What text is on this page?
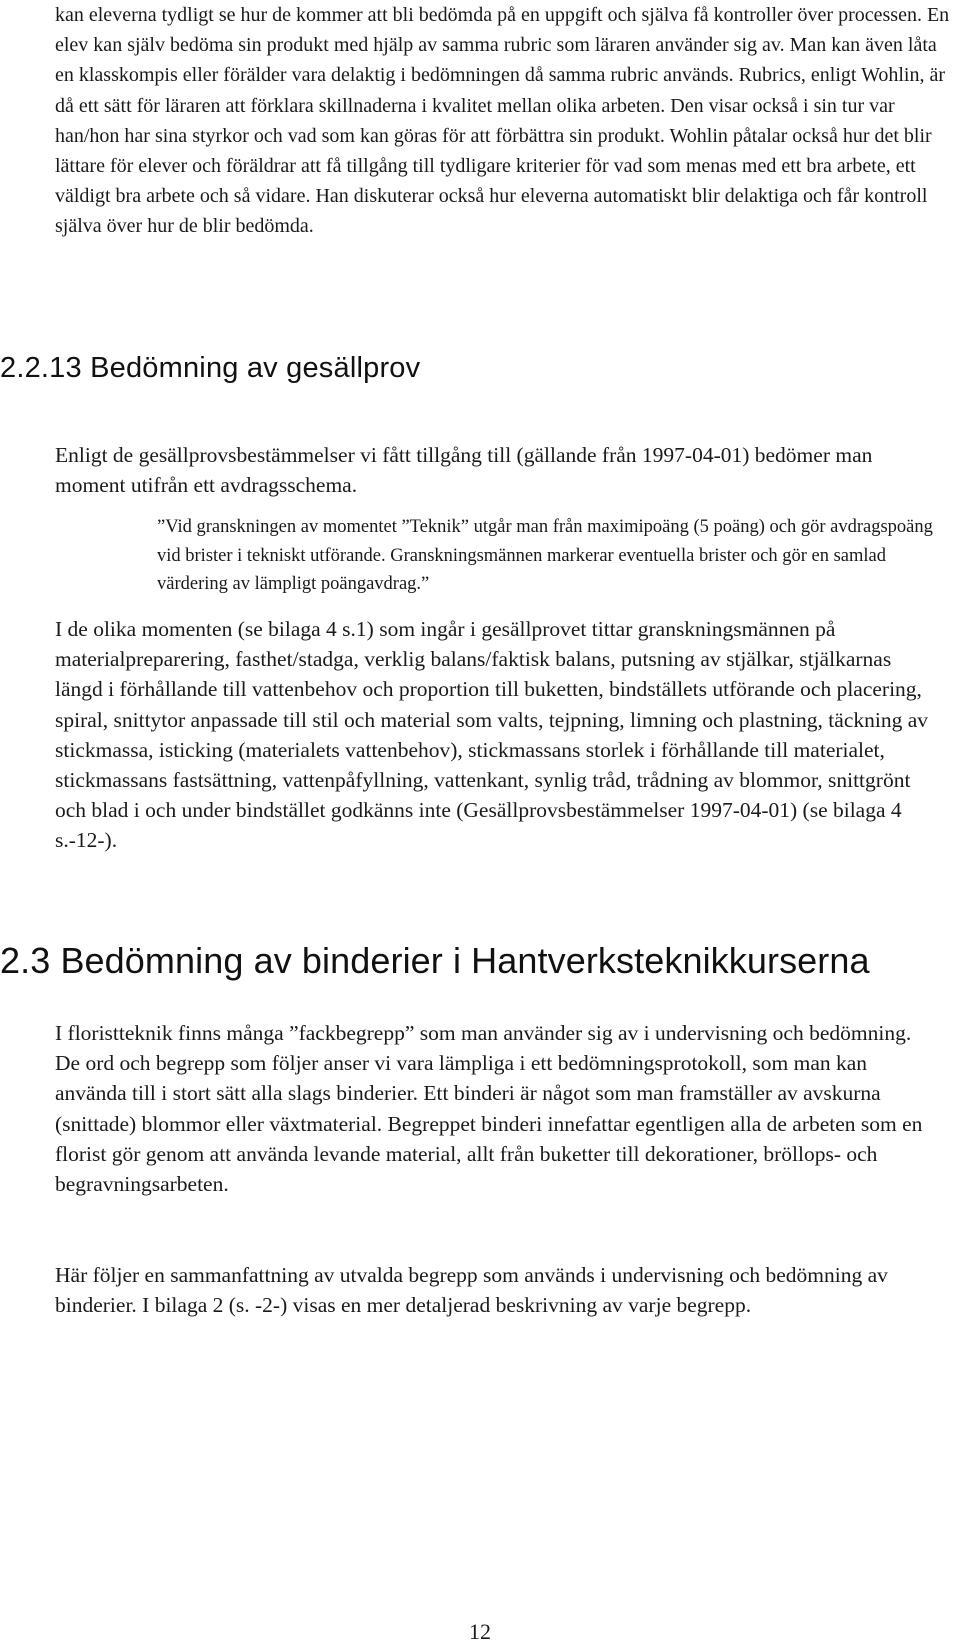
kan eleverna tydligt se hur de kommer att bli bedömda på en uppgift och själva få kontroller över processen. En elev kan själv bedöma sin produkt med hjälp av samma rubric som läraren använder sig av. Man kan även låta en klasskompis eller förälder vara delaktig i bedömningen då samma rubric används. Rubrics, enligt Wohlin, är då ett sätt för läraren att förklara skillnaderna i kvalitet mellan olika arbeten. Den visar också i sin tur var han/hon har sina styrkor och vad som kan göras för att förbättra sin produkt. Wohlin påtalar också hur det blir lättare för elever och föräldrar att få tillgång till tydligare kriterier för vad som menas med ett bra arbete, ett väldigt bra arbete och så vidare. Han diskuterar också hur eleverna automatiskt blir delaktiga och får kontroll själva över hur de blir bedömda.

2.2.13 Bedömning av gesällprov

Enligt de gesällprovsbestämmelser vi fått tillgång till (gällande från 1997-04-01) bedömer man moment utifrån ett avdragsschema.

”Vid granskningen av momentet ”Teknik” utgår man från maximipoäng (5 poäng) och gör avdragspoäng vid brister i tekniskt utförande. Granskningsmännen markerar eventuella brister och gör en samlad värdering av lämpligt poängavdrag.”

I de olika momenten (se bilaga 4 s.1) som ingår i gesällprovet tittar granskningsmännen på materialpreparering, fasthet/stadga, verklig balans/faktisk balans, putsning av stjälkar, stjälkarnas längd i förhållande till vattenbehov och proportion till buketten, bindställets utförande och placering, spiral, snittytor anpassade till stil och material som valts, tejpning, limning och plastning, täckning av stickmassa, isticking (materialets vattenbehov), stickmassans storlek i förhållande till materialet, stickmassans fastsättning, vattenpåfyllning, vattenkant, synlig tråd, trådning av blommor, snittgrönt och blad i och under bindstället godkänns inte (Gesällprovsbestämmelser 1997-04-01) (se bilaga 4 s.-12-).

2.3 Bedömning av binderier i Hantverksteknikkurserna

I floristteknik finns många ”fackbegrepp” som man använder sig av i undervisning och bedömning. De ord och begrepp som följer anser vi vara lämpliga i ett bedömningsprotokoll, som man kan använda till i stort sätt alla slags binderier. Ett binderi är något som man framställer av avskurna (snittade) blommor eller växtmaterial. Begreppet binderi innefattar egentligen alla de arbeten som en florist gör genom att använda levande material, allt från buketter till dekorationer, bröllops- och begravningsarbeten.

Här följer en sammanfattning av utvalda begrepp som används i undervisning och bedömning av binderier. I bilaga 2 (s. -2-) visas en mer detaljerad beskrivning av varje begrepp.

12
